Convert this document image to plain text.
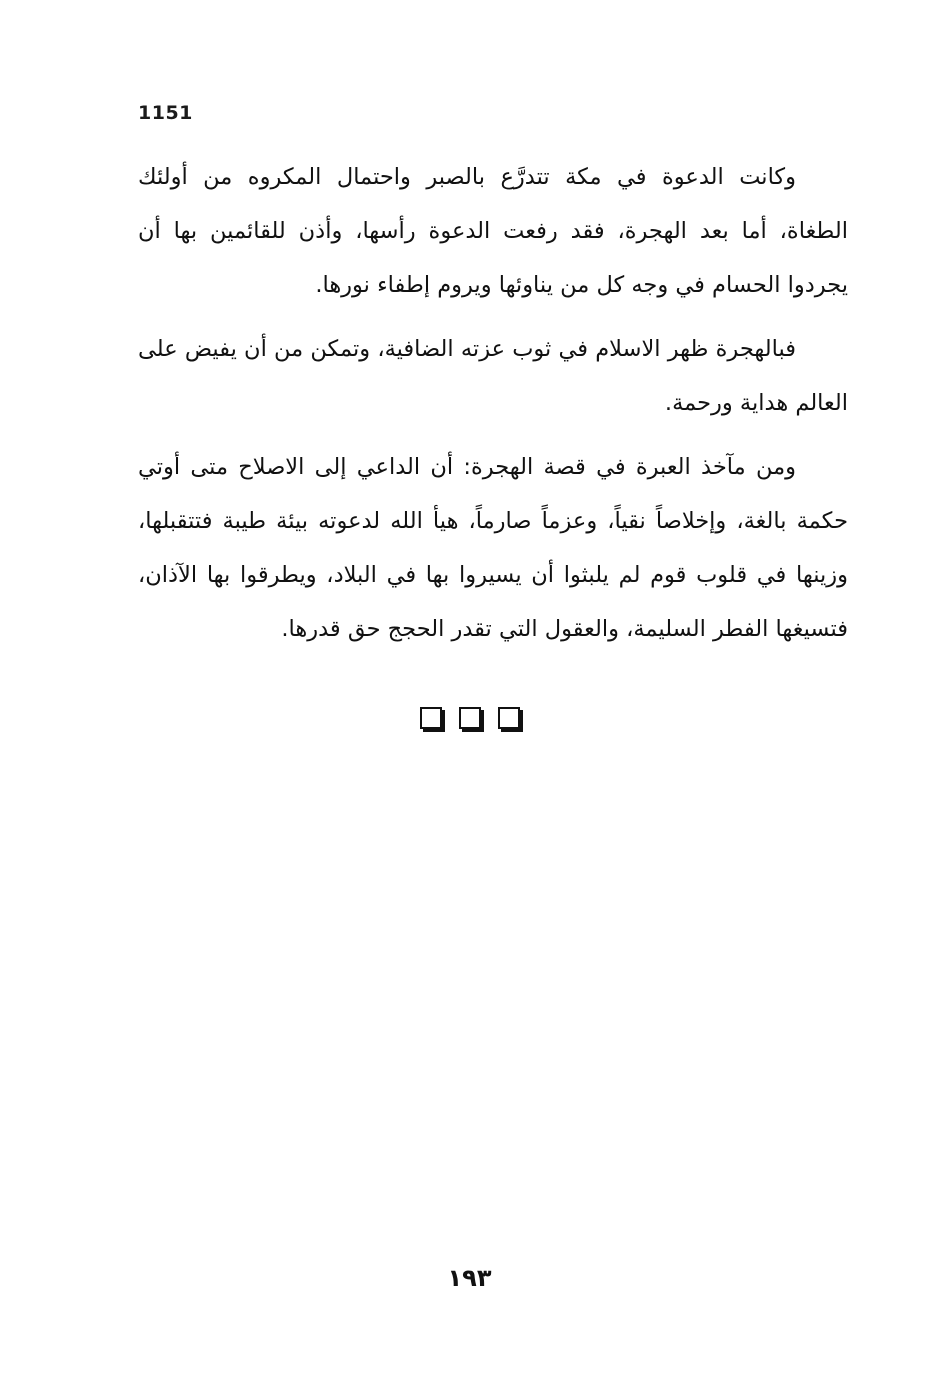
1151

وكانت الدعوة في مكة تتدرَّع بالصبر واحتمال المكروه من أولئك الطغاة، أما بعد الهجرة، فقد رفعت الدعوة رأسها، وأذن للقائمين بها أن يجردوا الحسام في وجه كل من يناوئها ويروم إطفاء نورها.

فبالهجرة ظهر الاسلام في ثوب عزته الضافية، وتمكن من أن يفيض على العالم هداية ورحمة.

ومن مآخذ العبرة في قصة الهجرة: أن الداعي إلى الاصلاح متى أوتي حكمة بالغة، وإخلاصاً نقياً، وعزماً صارماً، هيأ الله لدعوته بيئة طيبة فتتقبلها، وزينها في قلوب قوم لم يلبثوا أن يسيروا بها في البلاد، ويطرقوا بها الآذان، فتسيغها الفطر السليمة، والعقول التي تقدر الحجج حق قدرها.

١٩٣
